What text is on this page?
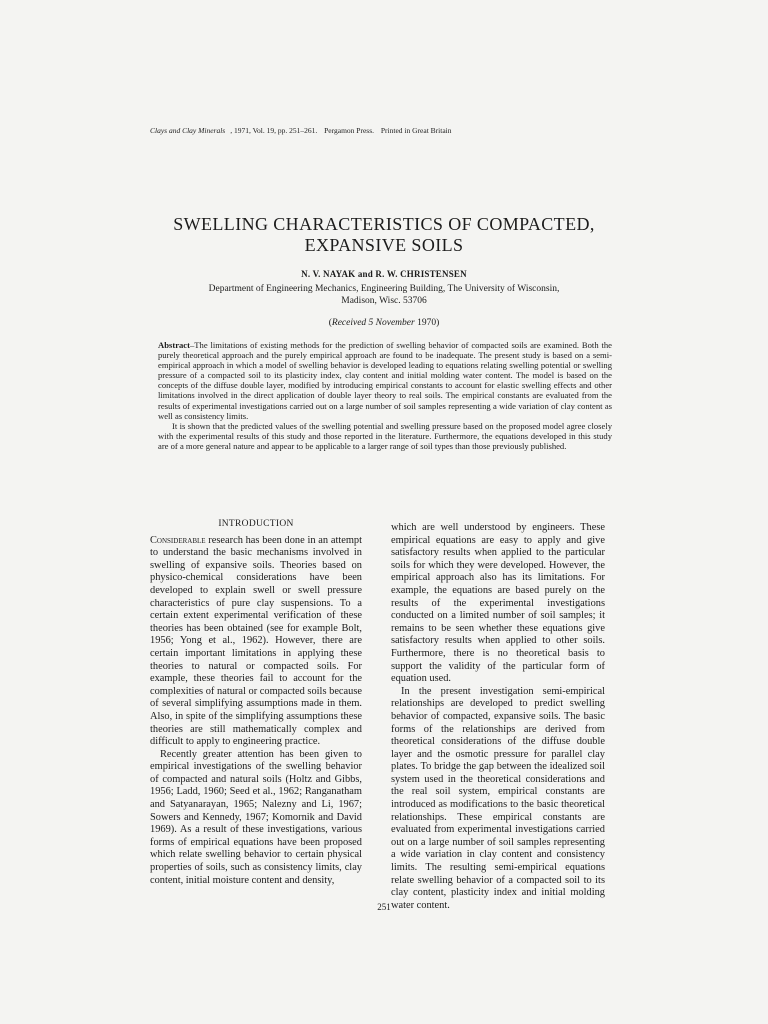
Clays and Clay Minerals , 1971, Vol. 19, pp. 251–261. Pergamon Press. Printed in Great Britain
SWELLING CHARACTERISTICS OF COMPACTED,
EXPANSIVE SOILS
N. V. NAYAK and R. W. CHRISTENSEN
Department of Engineering Mechanics, Engineering Building, The University of Wisconsin,
Madison, Wisc. 53706
(Received 5 November 1970)

Abstract–The limitations of existing methods for the prediction of swelling behavior of compacted soils are examined. Both the purely theoretical approach and the purely empirical approach are found to be inadequate. The present study is based on a semi-empirical approach in which a model of swelling behavior is developed leading to equations relating swelling potential or swelling pressure of a compacted soil to its plasticity index, clay content and initial molding water content. The model is based on the concepts of the diffuse double layer, modified by introducing empirical constants to account for elastic swelling effects and other limitations involved in the direct application of double layer theory to real soils. The empirical constants are evaluated from the results of experimental investigations carried out on a large number of soil samples representing a wide variation of clay content as well as consistency limits.

It is shown that the predicted values of the swelling potential and swelling pressure based on the proposed model agree closely with the experimental results of this study and those reported in the literature. Furthermore, the equations developed in this study are of a more general nature and appear to be applicable to a larger range of soil types than those previously published.

INTRODUCTION

Considerable research has been done in an attempt to understand the basic mechanisms involved in swelling of expansive soils. Theories based on physico-chemical considerations have been developed to explain swell or swell pressure characteristics of pure clay suspensions. To a certain extent experimental verification of these theories has been obtained (see for example Bolt, 1956; Yong et al., 1962). However, there are certain important limitations in applying these theories to natural or compacted soils. For example, these theories fail to account for the complexities of natural or compacted soils because of several simplifying assumptions made in them. Also, in spite of the simplifying assumptions these theories are still mathematically complex and difficult to apply to engineering practice.

Recently greater attention has been given to empirical investigations of the swelling behavior of compacted and natural soils (Holtz and Gibbs, 1956; Ladd, 1960; Seed et al., 1962; Ranganatham and Satyanarayan, 1965; Nalezny and Li, 1967; Sowers and Kennedy, 1967; Komornik and David 1969). As a result of these investigations, various forms of empirical equations have been proposed which relate swelling behavior to certain physical properties of soils, such as consistency limits, clay content, initial moisture content and density,

which are well understood by engineers. These empirical equations are easy to apply and give satisfactory results when applied to the particular soils for which they were developed. However, the empirical approach also has its limitations. For example, the equations are based purely on the results of the experimental investigations conducted on a limited number of soil samples; it remains to be seen whether these equations give satisfactory results when applied to other soils. Furthermore, there is no theoretical basis to support the validity of the particular form of equation used.

In the present investigation semi-empirical relationships are developed to predict swelling behavior of compacted, expansive soils. The basic forms of the relationships are derived from theoretical considerations of the diffuse double layer and the osmotic pressure for parallel clay plates. To bridge the gap between the idealized soil system used in the theoretical considerations and the real soil system, empirical constants are introduced as modifications to the basic theoretical relationships. These empirical constants are evaluated from experimental investigations carried out on a large number of soil samples representing a wide variation in clay content and consistency limits. The resulting semi-empirical equations relate swelling behavior of a compacted soil to its clay content, plasticity index and initial molding water content.

251
